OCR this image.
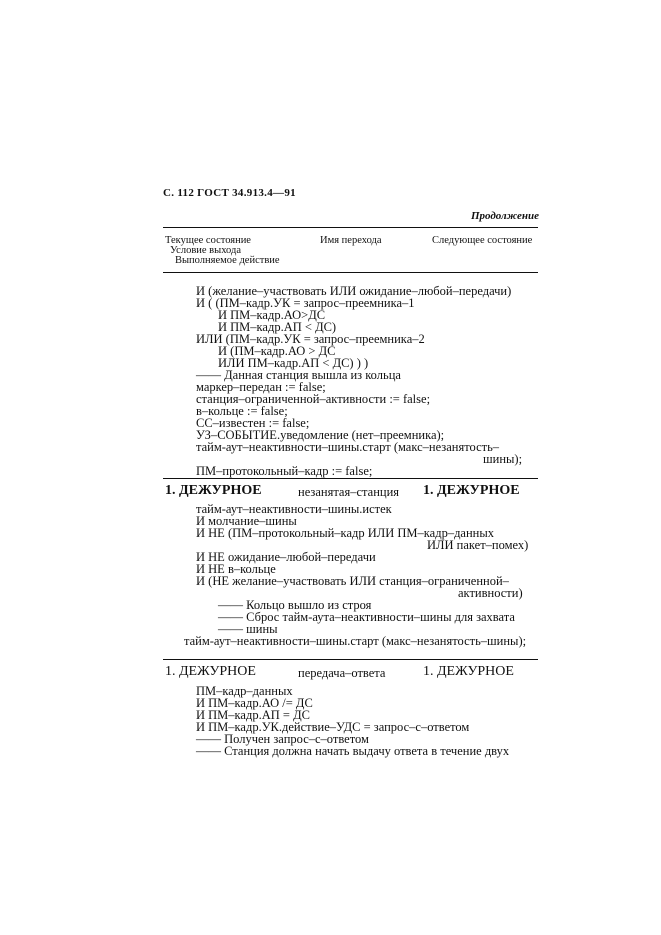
С. 112 ГОСТ 34.913.4—91
Продолжение
Текущее состояние
Условие выхода
Выполняемое действие
Имя перехода	Следующее состояние
И (желание–участвовать ИЛИ ожидание–любой–передачи)
И ( (ПМ–кадр.УК = запрос–преемника–1
И ПМ–кадр.АО>ДС
И ПМ–кадр.АП < ДС)
ИЛИ (ПМ–кадр.УК = запрос–преемника–2
И (ПМ–кадр.АО > ДС
ИЛИ ПМ–кадр.АП < ДС) ) )
—— Данная станция вышла из кольца
маркер–передан := false;
станция–ограниченной–активности := false;
в–кольце := false;
СС–известен := false;
УЗ–СОБЫТИЕ.уведомление (нет–преемника);
тайм-аут–неактивности–шины.старт (макс–незанятость–
шины);
ПМ–протокольный–кадр := false;
1. ДЕЖУРНОЕ	незанятая–станция 1. ДЕЖУРНОЕ
тайм-аут–неактивности–шины.истек
И молчание–шины
И НЕ (ПМ–протокольный–кадр ИЛИ ПМ–кадр–данных
ИЛИ пакет–помех)
И НЕ ожидание–любой–передачи
И НЕ в–кольце
И (НЕ желание–участвовать ИЛИ станция–ограниченной–
активности)
—— Кольцо вышло из строя
—— Сброс тайм-аута–неактивности–шины для захвата
—— шины
тайм-аут–неактивности–шины.старт (макс–незанятость–шины);
1. ДЕЖУРНОЕ	передача–ответа	1. ДЕЖУРНОЕ
ПМ–кадр–данных
И ПМ–кадр.АО /= ДС
И ПМ–кадр.АП = ДС
И ПМ–кадр.УК.действие–УДС = запрос–с–ответом
—— Получен запрос–с–ответом
—— Станция должна начать выдачу ответа в течение двух
